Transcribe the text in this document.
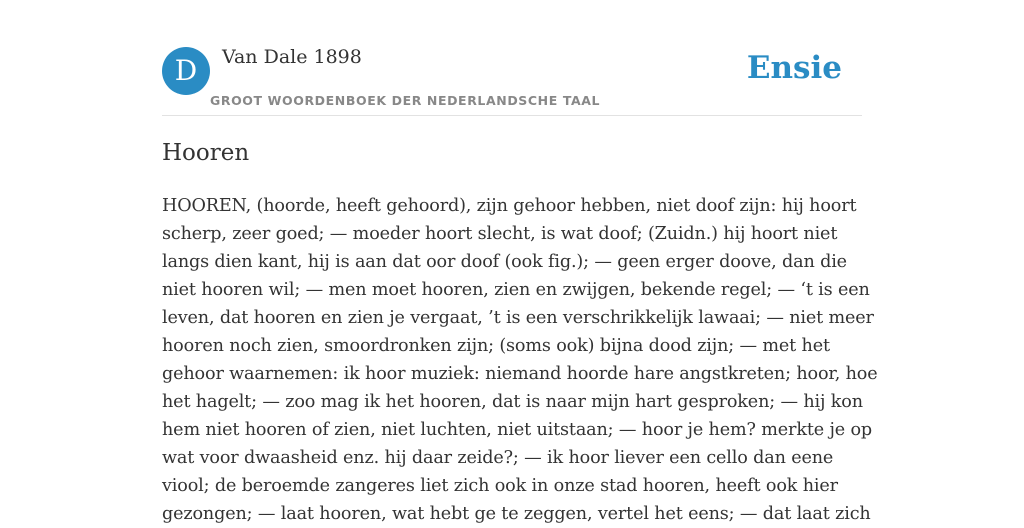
D	Van Dale 1898
GROOT WOORDENBOEK DER NEDERLANDSCHE TAAL
Ensie
Hooren

HOOREN, (hoorde, heeft gehoord), zijn gehoor hebben, niet doof zijn: hij hoort
scherp, zeer goed; — moeder hoort slecht, is wat doof; (Zuidn.) hij hoort niet
langs dien kant, hij is aan dat oor doof (ook fig.); — geen erger doove, dan die
niet hooren wil; — men moet hooren, zien en zwijgen, bekende regel; — ‘t is een
leven, dat hooren en zien je vergaat, ’t is een verschrikkelijk lawaai; — niet meer
hooren noch zien, smoordronken zijn; (soms ook) bijna dood zijn; — met het
gehoor waarnemen: ik hoor muziek: niemand hoorde hare angstkreten; hoor, hoe
het hagelt; — zoo mag ik het hooren, dat is naar mijn hart gesproken; — hij kon
hem niet hooren of zien, niet luchten, niet uitstaan; — hoor je hem? merkte je op
wat voor dwaasheid enz. hij daar zeide?; — ik hoor liever een cello dan eene
viool; de beroemde zangeres liet zich ook in onze stad hooren, heeft ook hier
gezongen; — laat hooren, wat hebt ge te zeggen, vertel het eens; — dat laat zich
